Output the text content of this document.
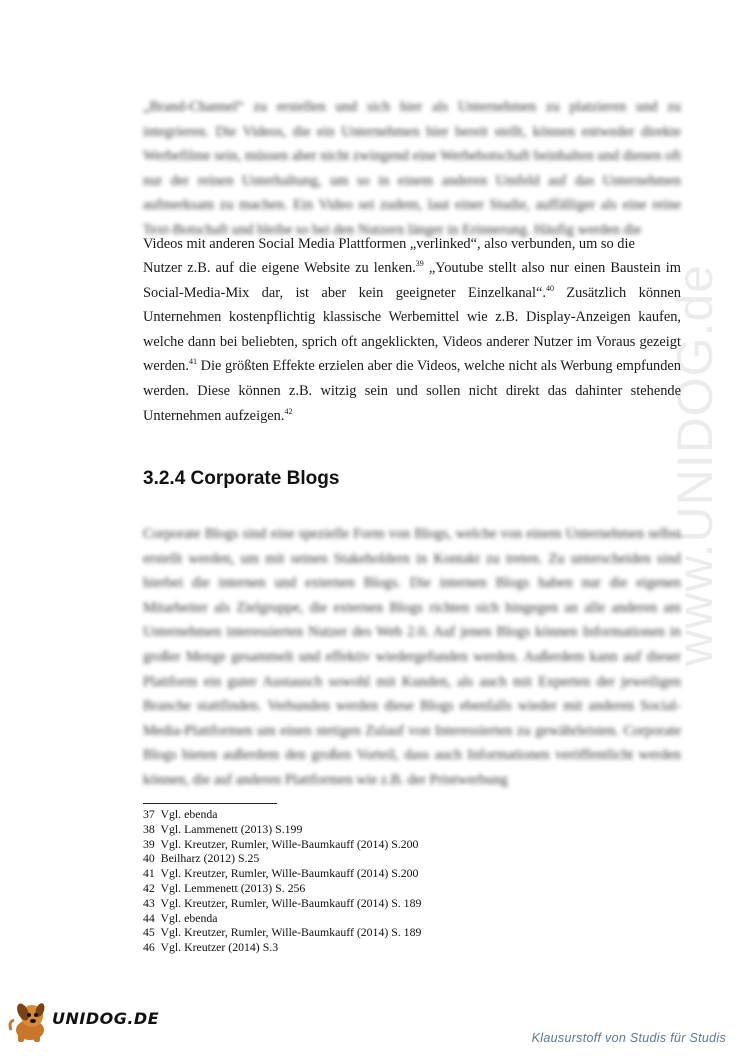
www.UNIDOG.de
„Brand-Channel“ zu erstellen und sich hier als Unternehmen zu platzieren und zu integrieren. Die Videos, die ein Unternehmen hier bereit stellt, können entweder direkte Werbefilme sein, müssen aber nicht zwingend eine Werbebotschaft beinhalten und dienen oft nur der reinen Unterhaltung, um so in einem anderen Umfeld auf das Unternehmen aufmerksam zu machen. Ein Video sei zudem, laut einer Studie, auffälliger als eine reine Text-Botschaft und bleibe so bei den Nutzern länger in Erinnerung. Häufig werden die
Videos mit anderen Social Media Plattformen „verlinked“, also verbunden, um so die
Nutzer z.B. auf die eigene Website zu lenken.$^{39}$ „Youtube stellt also nur einen Baustein im Social-Media-Mix dar, ist aber kein geeigneter Einzelkanal“.$^{40}$ Zusätzlich können Unternehmen kostenpflichtig klassische Werbemittel wie z.B. Display-Anzeigen kaufen, welche dann bei beliebten, sprich oft angeklickten, Videos anderer Nutzer im Voraus gezeigt werden.$^{41}$ Die größten Effekte erzielen aber die Videos, welche nicht als Werbung empfunden werden. Diese können z.B. witzig sein und sollen nicht direkt das dahinter stehende Unternehmen aufzeigen.$^{42}$
3.2.4 Corporate Blogs
Corporate Blogs sind eine spezielle Form von Blogs, welche von einem Unternehmen selbst erstellt werden, um mit seinen Stakeholdern in Kontakt zu treten. Zu unterscheiden sind hierbei die internen und externen Blogs. Die internen Blogs haben nur die eigenen Mitarbeiter als Zielgruppe, die externen Blogs richten sich hingegen an alle anderen am Unternehmen interessierten Nutzer des Web 2.0. Auf jenen Blogs können Informationen in großer Menge gesammelt und effektiv wiedergefunden werden. Außerdem kann auf dieser Plattform ein guter Austausch sowohl mit Kunden, als auch mit Experten der jeweiligen Branche stattfinden. Verbunden werden diese Blogs ebenfalls wieder mit anderen Social-Media-Plattformen um einen stetigen Zulauf von Interessierten zu gewährleisten. Corporate Blogs bieten außerdem den großen Vorteil, dass auch Informationen veröffentlicht werden können, die auf anderen Plattformen wie z.B. der Printwerbung
37 Vgl. ebenda
38 Vgl. Lammenett (2013) S.199
39 Vgl. Kreutzer, Rumler, Wille-Baumkauff (2014) S.200
40 Beilharz (2012) S.25
41 Vgl. Kreutzer, Rumler, Wille-Baumkauff (2014) S.200
42 Vgl. Lemmenett (2013) S. 256
43 Vgl. Kreutzer, Rumler, Wille-Baumkauff (2014) S. 189
44 Vgl. ebenda
45 Vgl. Kreutzer, Rumler, Wille-Baumkauff (2014) S. 189
46 Vgl. Kreutzer (2014) S.3
UNIDOG.DE
Klausurstoff von Studis für Studis
